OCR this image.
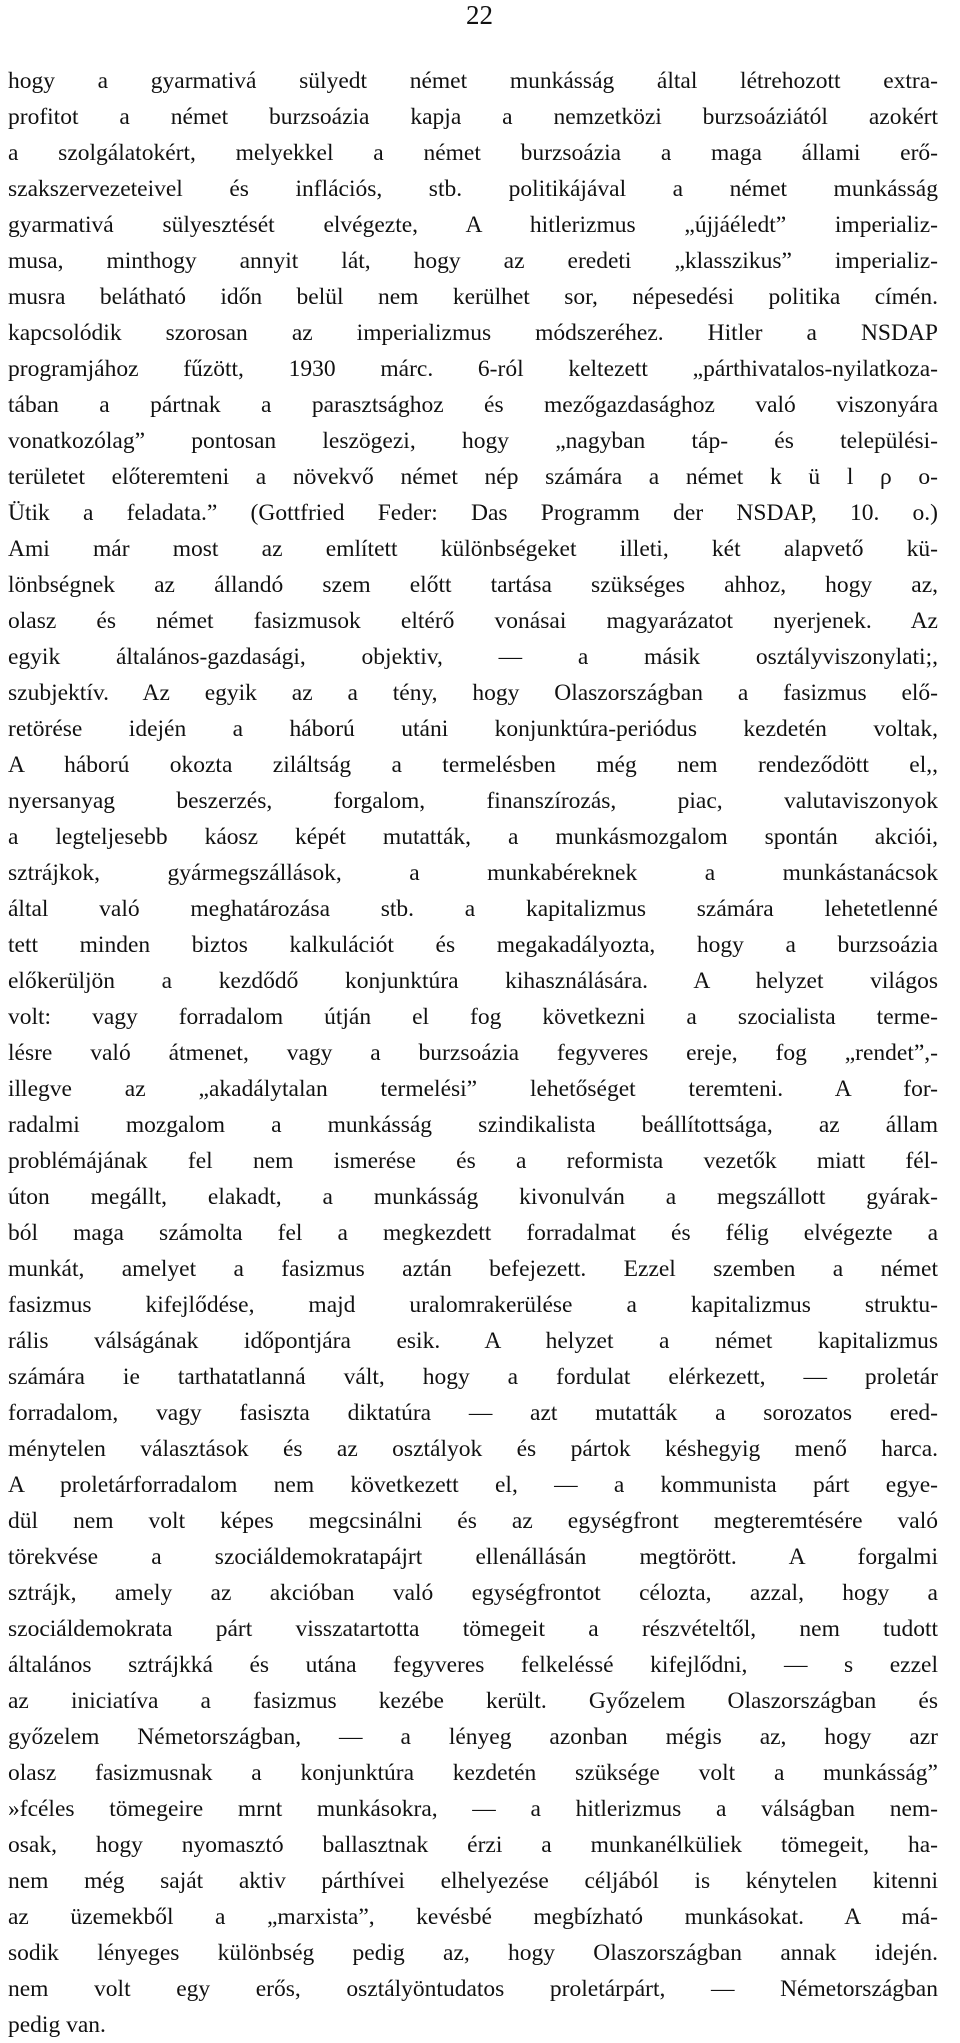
22
hogy a gyarmativá sülyedt német munkásság által létrehozott extra-
profitot a német burzsoázia kapja a nemzetközi burzsoáziától azokért
a szolgálatokért, melyekkel a német burzsoázia a maga állami erő-
szakszervezeteivel és inflációs, stb. politikájával a német munkásság
gyarmativá sülyesztését elvégezte, A hitlerizmus „újjáéledt” imperializ-
musa, minthogy annyit lát, hogy az eredeti „klasszikus” imperializ-
musra belátható időn belül nem kerülhet sor, népesedési politika címén.
kapcsolódik szorosan az imperializmus módszeréhez. Hitler a NSDAP
programjához fűzött, 1930 márc. 6-ról keltezett „párthivatalos-nyilatkoza-
tában a pártnak a parasztsághoz és mezőgazdasághoz való viszonyára
vonatkozólag” pontosan leszögezi, hogy „nagyban táp- és települési-
területet előteremteni a növekvő német nép számára a német k ü l ρ o-
Ütik a feladata.” (Gottfried Feder: Das Programm der NSDAP, 10. o.)
Ami már most az említett különbségeket illeti, két alapvető kü-
lönbségnek az állandó szem előtt tartása szükséges ahhoz, hogy az,
olasz és német fasizmusok eltérő vonásai magyarázatot nyerjenek. Az
egyik általános-gazdasági, objektiv, — a másik osztályviszonylati;,
szubjektív. Az egyik az a tény, hogy Olaszországban a fasizmus elő-
retörése idején a háború utáni konjunktúra-periódus kezdetén voltak,
A háború okozta ziláltság a termelésben még nem rendeződött el,,
nyersanyag beszerzés, forgalom, finanszírozás, piac, valutaviszonyok
a legteljesebb káosz képét mutatták, a munkásmozgalom spontán akciói,
sztrájkok, gyármegszállások, a munkabéreknek a munkástanácsok
által való meghatározása stb. a kapitalizmus számára lehetetlenné
tett minden biztos kalkulációt és megakadályozta, hogy a burzsoázia
előkerüljön a kezdődő konjunktúra kihasználására. A helyzet világos
volt: vagy forradalom útján el fog következni a szocialista terme-
lésre való átmenet, vagy a burzsoázia fegyveres ereje, fog „rendet”,-
illegve az „akadálytalan termelési” lehetőséget teremteni. A for-
radalmi mozgalom a munkásság szindikalista beállítottsága, az állam
problémájának fel nem ismerése és a reformista vezetők miatt fél-
úton megállt, elakadt, a munkásság kivonulván a megszállott gyárak-
ból maga számolta fel a megkezdett forradalmat és félig elvégezte a
munkát, amelyet a fasizmus aztán befejezett. Ezzel szemben a német
fasizmus kifejlődése, majd uralomrakerülése a kapitalizmus struktu-
rális válságának időpontjára esik. A helyzet a német kapitalizmus
számára ie tarthatatlanná vált, hogy a fordulat elérkezett, — proletár
forradalom, vagy fasiszta diktatúra — azt mutatták a sorozatos ered-
ménytelen választások és az osztályok és pártok késhegyig menő harca.
A proletárforradalom nem következett el, — a kommunista párt egye-
dül nem volt képes megcsinálni és az egységfront megteremtésére való
törekvése a szociáldemokratapájrt ellenállásán megtörött. A forgalmi
sztrájk, amely az akcióban való egységfrontot célozta, azzal, hogy a
szociáldemokrata párt visszatartotta tömegeit a részvételtől, nem tudott
általános sztrájkká és utána fegyveres felkeléssé kifejlődni, — s ezzel
az iniciatíva a fasizmus kezébe került. Győzelem Olaszországban és
győzelem Németországban, — a lényeg azonban mégis az, hogy azr
olasz fasizmusnak a konjunktúra kezdetén szüksége volt a munkásság”
»fcéles tömegeire mrnt munkásokra, — a hitlerizmus a válságban nem-
osak, hogy nyomasztó ballasztnak érzi a munkanélküliek tömegeit, ha-
nem még saját aktiv párthívei elhelyezése céljából is kénytelen kitenni
az üzemekből a „marxista”, kevésbé megbízható munkásokat. A má-
sodik lényeges különbség pedig az, hogy Olaszországban annak idején.
nem volt egy erős, osztályöntudatos proletárpárt, — Németországban
pedig van.
